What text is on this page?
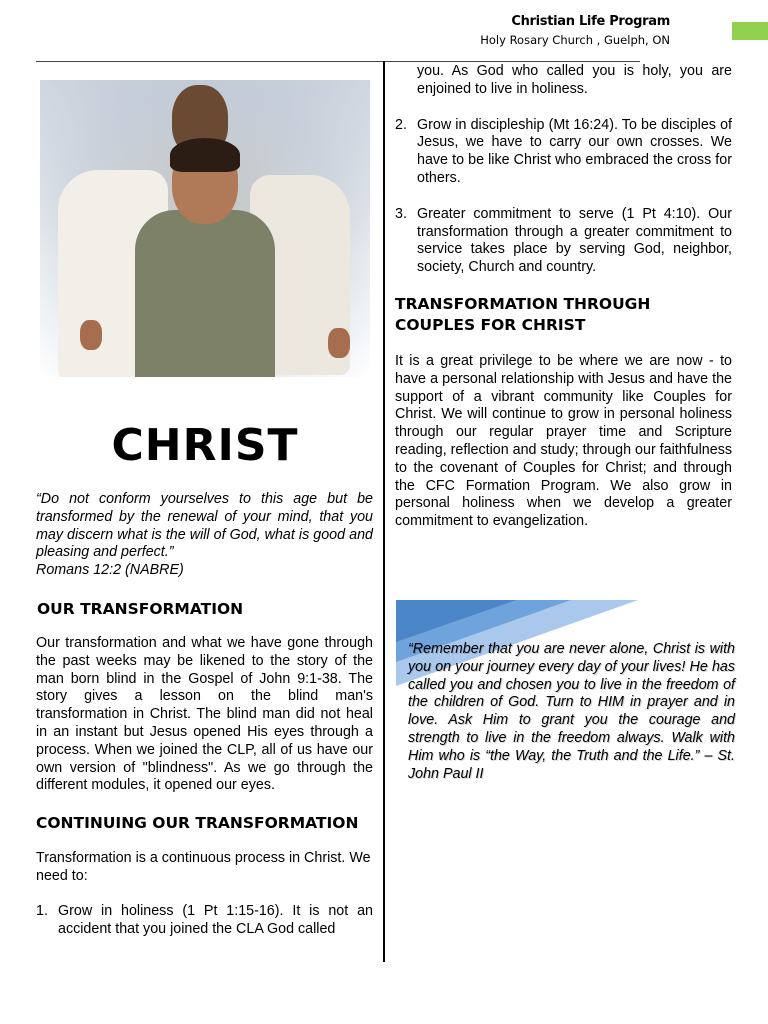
Christian Life Program
Holy Rosary Church , Guelph, ON
CHRIST

“Do not conform yourselves to this age but be transformed by the renewal of your mind, that you may discern what is the will of God, what is good and pleasing and perfect.”

Romans 12:2 (NABRE)

OUR TRANSFORMATION

Our transformation and what we have gone through the past weeks may be likened to the story of the man born blind in the Gospel of John 9:1-38. The story gives a lesson on the blind man's transformation in Christ. The blind man did not heal in an instant but Jesus opened His eyes through a process. When we joined the CLP, all of us have our own version of "blindness". As we go through the different modules, it opened our eyes.

CONTINUING OUR TRANSFORMATION

Transformation is a continuous process in Christ. We need to:

1. Grow in holiness (1 Pt 1:15-16). It is not an accident that you joined the CLA God called
you. As God who called you is holy, you are enjoined to live in holiness.
2. Grow in discipleship (Mt 16:24). To be disciples of Jesus, we have to carry our own crosses. We have to be like Christ who embraced the cross for others.
3. Greater commitment to serve (1 Pt 4:10). Our transformation through a greater commitment to service takes place by serving God, neighbor, society, Church and country.
TRANSFORMATION THROUGH COUPLES FOR CHRIST

It is a great privilege to be where we are now - to have a personal relationship with Jesus and have the support of a vibrant community like Couples for Christ. We will continue to grow in personal holiness through our regular prayer time and Scripture reading, reflection and study; through our faithfulness to the covenant of Couples for Christ; and through the CFC Formation Program. We also grow in personal holiness when we develop a greater commitment to evangelization.

“Remember that you are never alone, Christ is with you on your journey every day of your lives! He has called you and chosen you to live in the freedom of the children of God. Turn to HIM in prayer and in love. Ask Him to grant you the courage and strength to live in the freedom always. Walk with Him who is “the Way, the Truth and the Life.” – St. John Paul II
